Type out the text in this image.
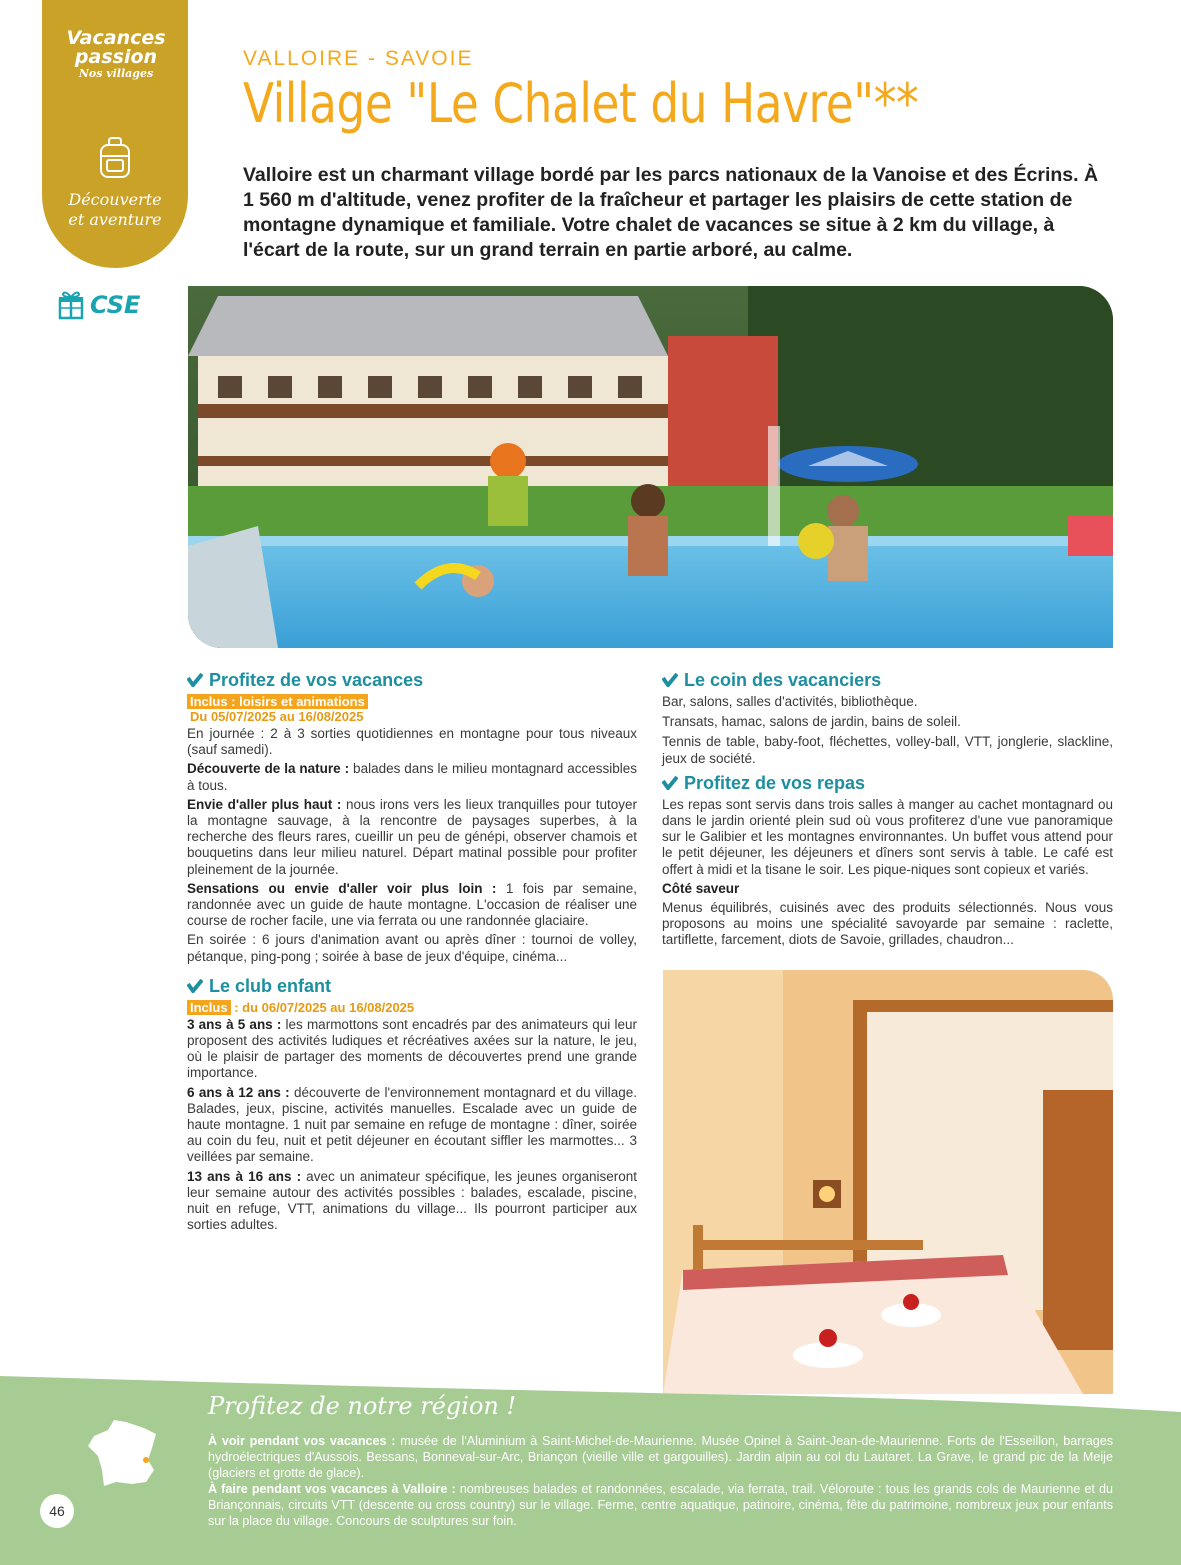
Vacances
passion
Nos villages
Découverte
et aventure
CSE
VALLOIRE - SAVOIE
Village "Le Chalet du Havre"**

Valloire est un charmant village bordé par les parcs nationaux de la Vanoise et des Écrins. À 1 560 m d'altitude, venez profiter de la fraîcheur et partager les plaisirs de cette station de montagne dynamique et familiale. Votre chalet de vacances se situe à 2 km du village, à l'écart de la route, sur un grand terrain en partie arboré, au calme.

Profitez de vos vacances
Inclus : loisirs et animations
Du 05/07/2025 au 16/08/2025

En journée : 2 à 3 sorties quotidiennes en montagne pour tous niveaux (sauf samedi).

Découverte de la nature : balades dans le milieu montagnard accessibles à tous.

Envie d'aller plus haut : nous irons vers les lieux tranquilles pour tutoyer la montagne sauvage, à la rencontre de paysages superbes, à la recherche des fleurs rares, cueillir un peu de génépi, observer chamois et bouquetins dans leur milieu naturel. Départ matinal possible pour profiter pleinement de la journée.

Sensations ou envie d'aller voir plus loin : 1 fois par semaine, randonnée avec un guide de haute montagne. L'occasion de réaliser une course de rocher facile, une via ferrata ou une randonnée glaciaire.

En soirée : 6 jours d'animation avant ou après dîner : tournoi de volley, pétanque, ping-pong ; soirée à base de jeux d'équipe, cinéma...

Le club enfant
Inclus : du 06/07/2025 au 16/08/2025

3 ans à 5 ans : les marmottons sont encadrés par des animateurs qui leur proposent des activités ludiques et récréatives axées sur la nature, le jeu, où le plaisir de partager des moments de découvertes prend une grande importance.

6 ans à 12 ans : découverte de l'environnement montagnard et du village. Balades, jeux, piscine, activités manuelles. Escalade avec un guide de haute montagne. 1 nuit par semaine en refuge de montagne : dîner, soirée au coin du feu, nuit et petit déjeuner en écoutant siffler les marmottes... 3 veillées par semaine.

13 ans à 16 ans : avec un animateur spécifique, les jeunes organiseront leur semaine autour des activités possibles : balades, escalade, piscine, nuit en refuge, VTT, animations du village... Ils pourront participer aux sorties adultes.

Le coin des vacanciers

Bar, salons, salles d'activités, bibliothèque.

Transats, hamac, salons de jardin, bains de soleil.

Tennis de table, baby-foot, fléchettes, volley-ball, VTT, jonglerie, slackline, jeux de société.

Profitez de vos repas

Les repas sont servis dans trois salles à manger au cachet montagnard ou dans le jardin orienté plein sud où vous profiterez d'une vue panoramique sur le Galibier et les montagnes environnantes. Un buffet vous attend pour le petit déjeuner, les déjeuners et dîners sont servis à table. Le café est offert à midi et la tisane le soir. Les pique-niques sont copieux et variés.

Côté saveur

Menus équilibrés, cuisinés avec des produits sélectionnés. Nous vous proposons au moins une spécialité savoyarde par semaine : raclette, tartiflette, farcement, diots de Savoie, grillades, chaudron...

Profitez de notre région !
À voir pendant vos vacances : musée de l'Aluminium à Saint-Michel-de-Maurienne. Musée Opinel à Saint-Jean-de-Maurienne. Forts de l'Esseillon, barrages hydroélectriques d'Aussois. Bessans, Bonneval-sur-Arc, Briançon (vieille ville et gargouilles). Jardin alpin au col du Lautaret. La Grave, le grand pic de la Meije (glaciers et grotte de glace).
À faire pendant vos vacances à Valloire : nombreuses balades et randonnées, escalade, via ferrata, trail. Véloroute : tous les grands cols de Maurienne et du Briançonnais, circuits VTT (descente ou cross country) sur le village. Ferme, centre aquatique, patinoire, cinéma, fête du patrimoine, nombreux jeux pour enfants sur la place du village. Concours de sculptures sur foin.
46
